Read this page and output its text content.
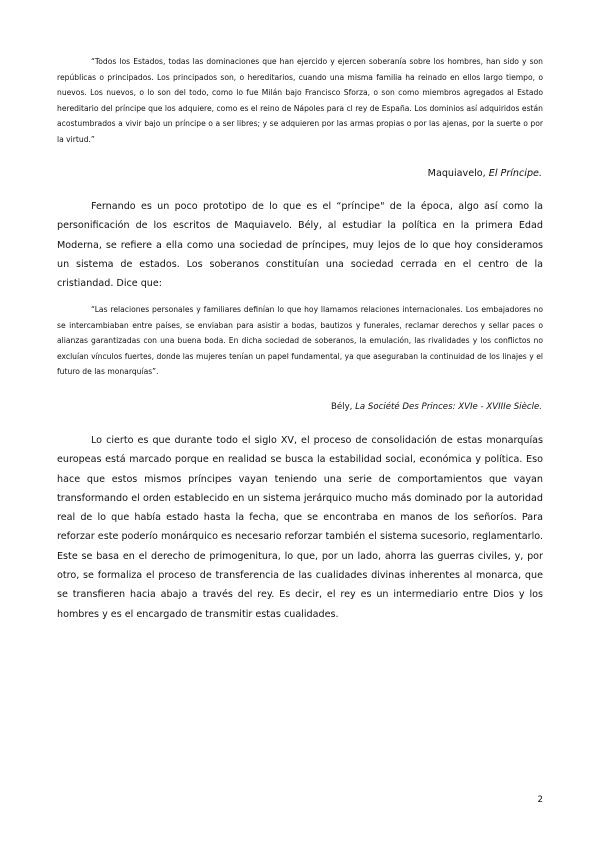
“Todos los Estados, todas las dominaciones que han ejercido y ejercen soberanía sobre los hombres, han sido y son repúblicas o principados. Los principados son, o hereditarios, cuando una misma familia ha reinado en ellos largo tiempo, o nuevos. Los nuevos, o lo son del todo, como lo fue Milán bajo Francisco Sforza, o son como miembros agregados al Estado hereditario del príncipe que los adquiere, como es el reino de Nápoles para cl rey de España. Los dominios así adquiridos están acostumbrados a vivir bajo un príncipe o a ser libres; y se adquieren por las armas propias o por las ajenas, por la suerte o por la virtud.”

Maquiavelo, El Príncipe.

Fernando es un poco prototipo de lo que es el “príncipe" de la época, algo así como la personificación de los escritos de Maquiavelo. Bély, al estudiar la política en la primera Edad Moderna, se refiere a ella como una sociedad de príncipes, muy lejos de lo que hoy consideramos un sistema de estados. Los soberanos constituían una sociedad cerrada en el centro de la cristiandad. Dice que:

“Las relaciones personales y familiares definían lo que hoy llamamos relaciones internacionales. Los embajadores no se intercambiaban entre países, se enviaban para asistir a bodas, bautizos y funerales, reclamar derechos y sellar paces o alianzas garantizadas con una buena boda. En dicha sociedad de soberanos, la emulación, las rivalidades y los conflictos no excluían vínculos fuertes, donde las mujeres tenían un papel fundamental, ya que aseguraban la continuidad de los linajes y el futuro de las monarquías”.

Bély, La Société Des Princes: XVIe - XVIIIe Siècle.

Lo cierto es que durante todo el siglo XV, el proceso de consolidación de estas monarquías europeas está marcado porque en realidad se busca la estabilidad social, económica y política. Eso hace que estos mismos príncipes vayan teniendo una serie de comportamientos que vayan transformando el orden establecido en un sistema jerárquico mucho más dominado por la autoridad real de lo que había estado hasta la fecha, que se encontraba en manos de los señoríos. Para reforzar este poderío monárquico es necesario reforzar también el sistema sucesorio, reglamentarlo. Este se basa en el derecho de primogenitura, lo que, por un lado, ahorra las guerras civiles, y, por otro, se formaliza el proceso de transferencia de las cualidades divinas inherentes al monarca, que se transfieren hacia abajo a través del rey. Es decir, el rey es un intermediario entre Dios y los hombres y es el encargado de transmitir estas cualidades.

2
